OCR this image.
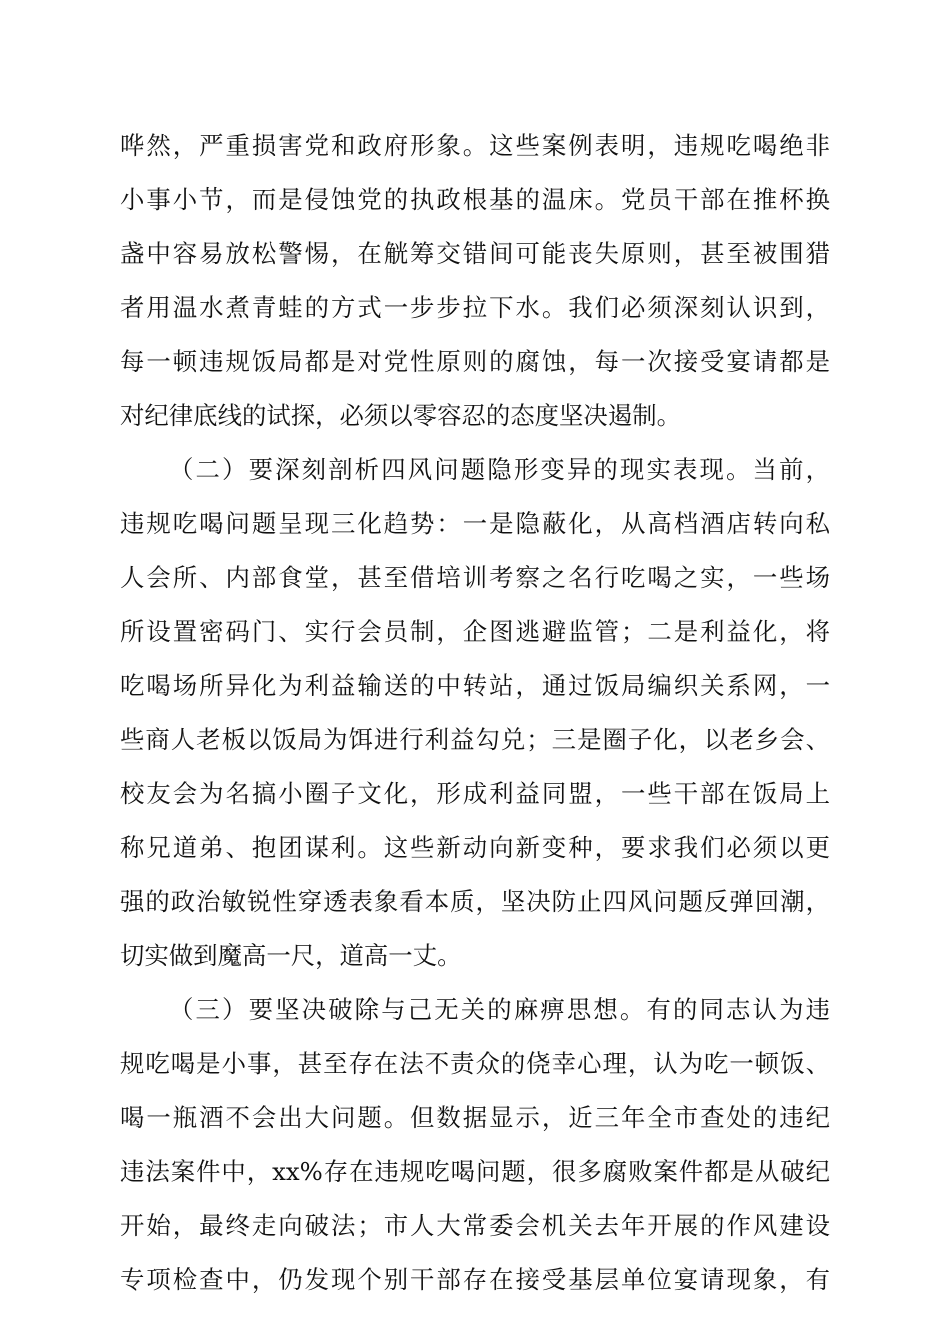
哗然，严重损害党和政府形象。这些案例表明，违规吃喝绝非
小事小节，而是侵蚀党的执政根基的温床。党员干部在推杯换
盏中容易放松警惕，在觥筹交错间可能丧失原则，甚至被围猎
者用温水煮青蛙的方式一步步拉下水。我们必须深刻认识到，
每一顿违规饭局都是对党性原则的腐蚀，每一次接受宴请都是
对纪律底线的试探，必须以零容忍的态度坚决遏制。
（二）要深刻剖析四风问题隐形变异的现实表现。当前，
违规吃喝问题呈现三化趋势：一是隐蔽化，从高档酒店转向私
人会所、内部食堂，甚至借培训考察之名行吃喝之实，一些场
所设置密码门、实行会员制，企图逃避监管；二是利益化，将
吃喝场所异化为利益输送的中转站，通过饭局编织关系网，一
些商人老板以饭局为饵进行利益勾兑；三是圈子化，以老乡会、
校友会为名搞小圈子文化，形成利益同盟，一些干部在饭局上
称兄道弟、抱团谋利。这些新动向新变种，要求我们必须以更
强的政治敏锐性穿透表象看本质，坚决防止四风问题反弹回潮，
切实做到魔高一尺，道高一丈。
（三）要坚决破除与己无关的麻痹思想。有的同志认为违
规吃喝是小事，甚至存在法不责众的侥幸心理，认为吃一顿饭、
喝一瓶酒不会出大问题。但数据显示，近三年全市查处的违纪
违法案件中，xx%存在违规吃喝问题，很多腐败案件都是从破纪
开始，最终走向破法；市人大常委会机关去年开展的作风建设
专项检查中，仍发现个别干部存在接受基层单位宴请现象，有
